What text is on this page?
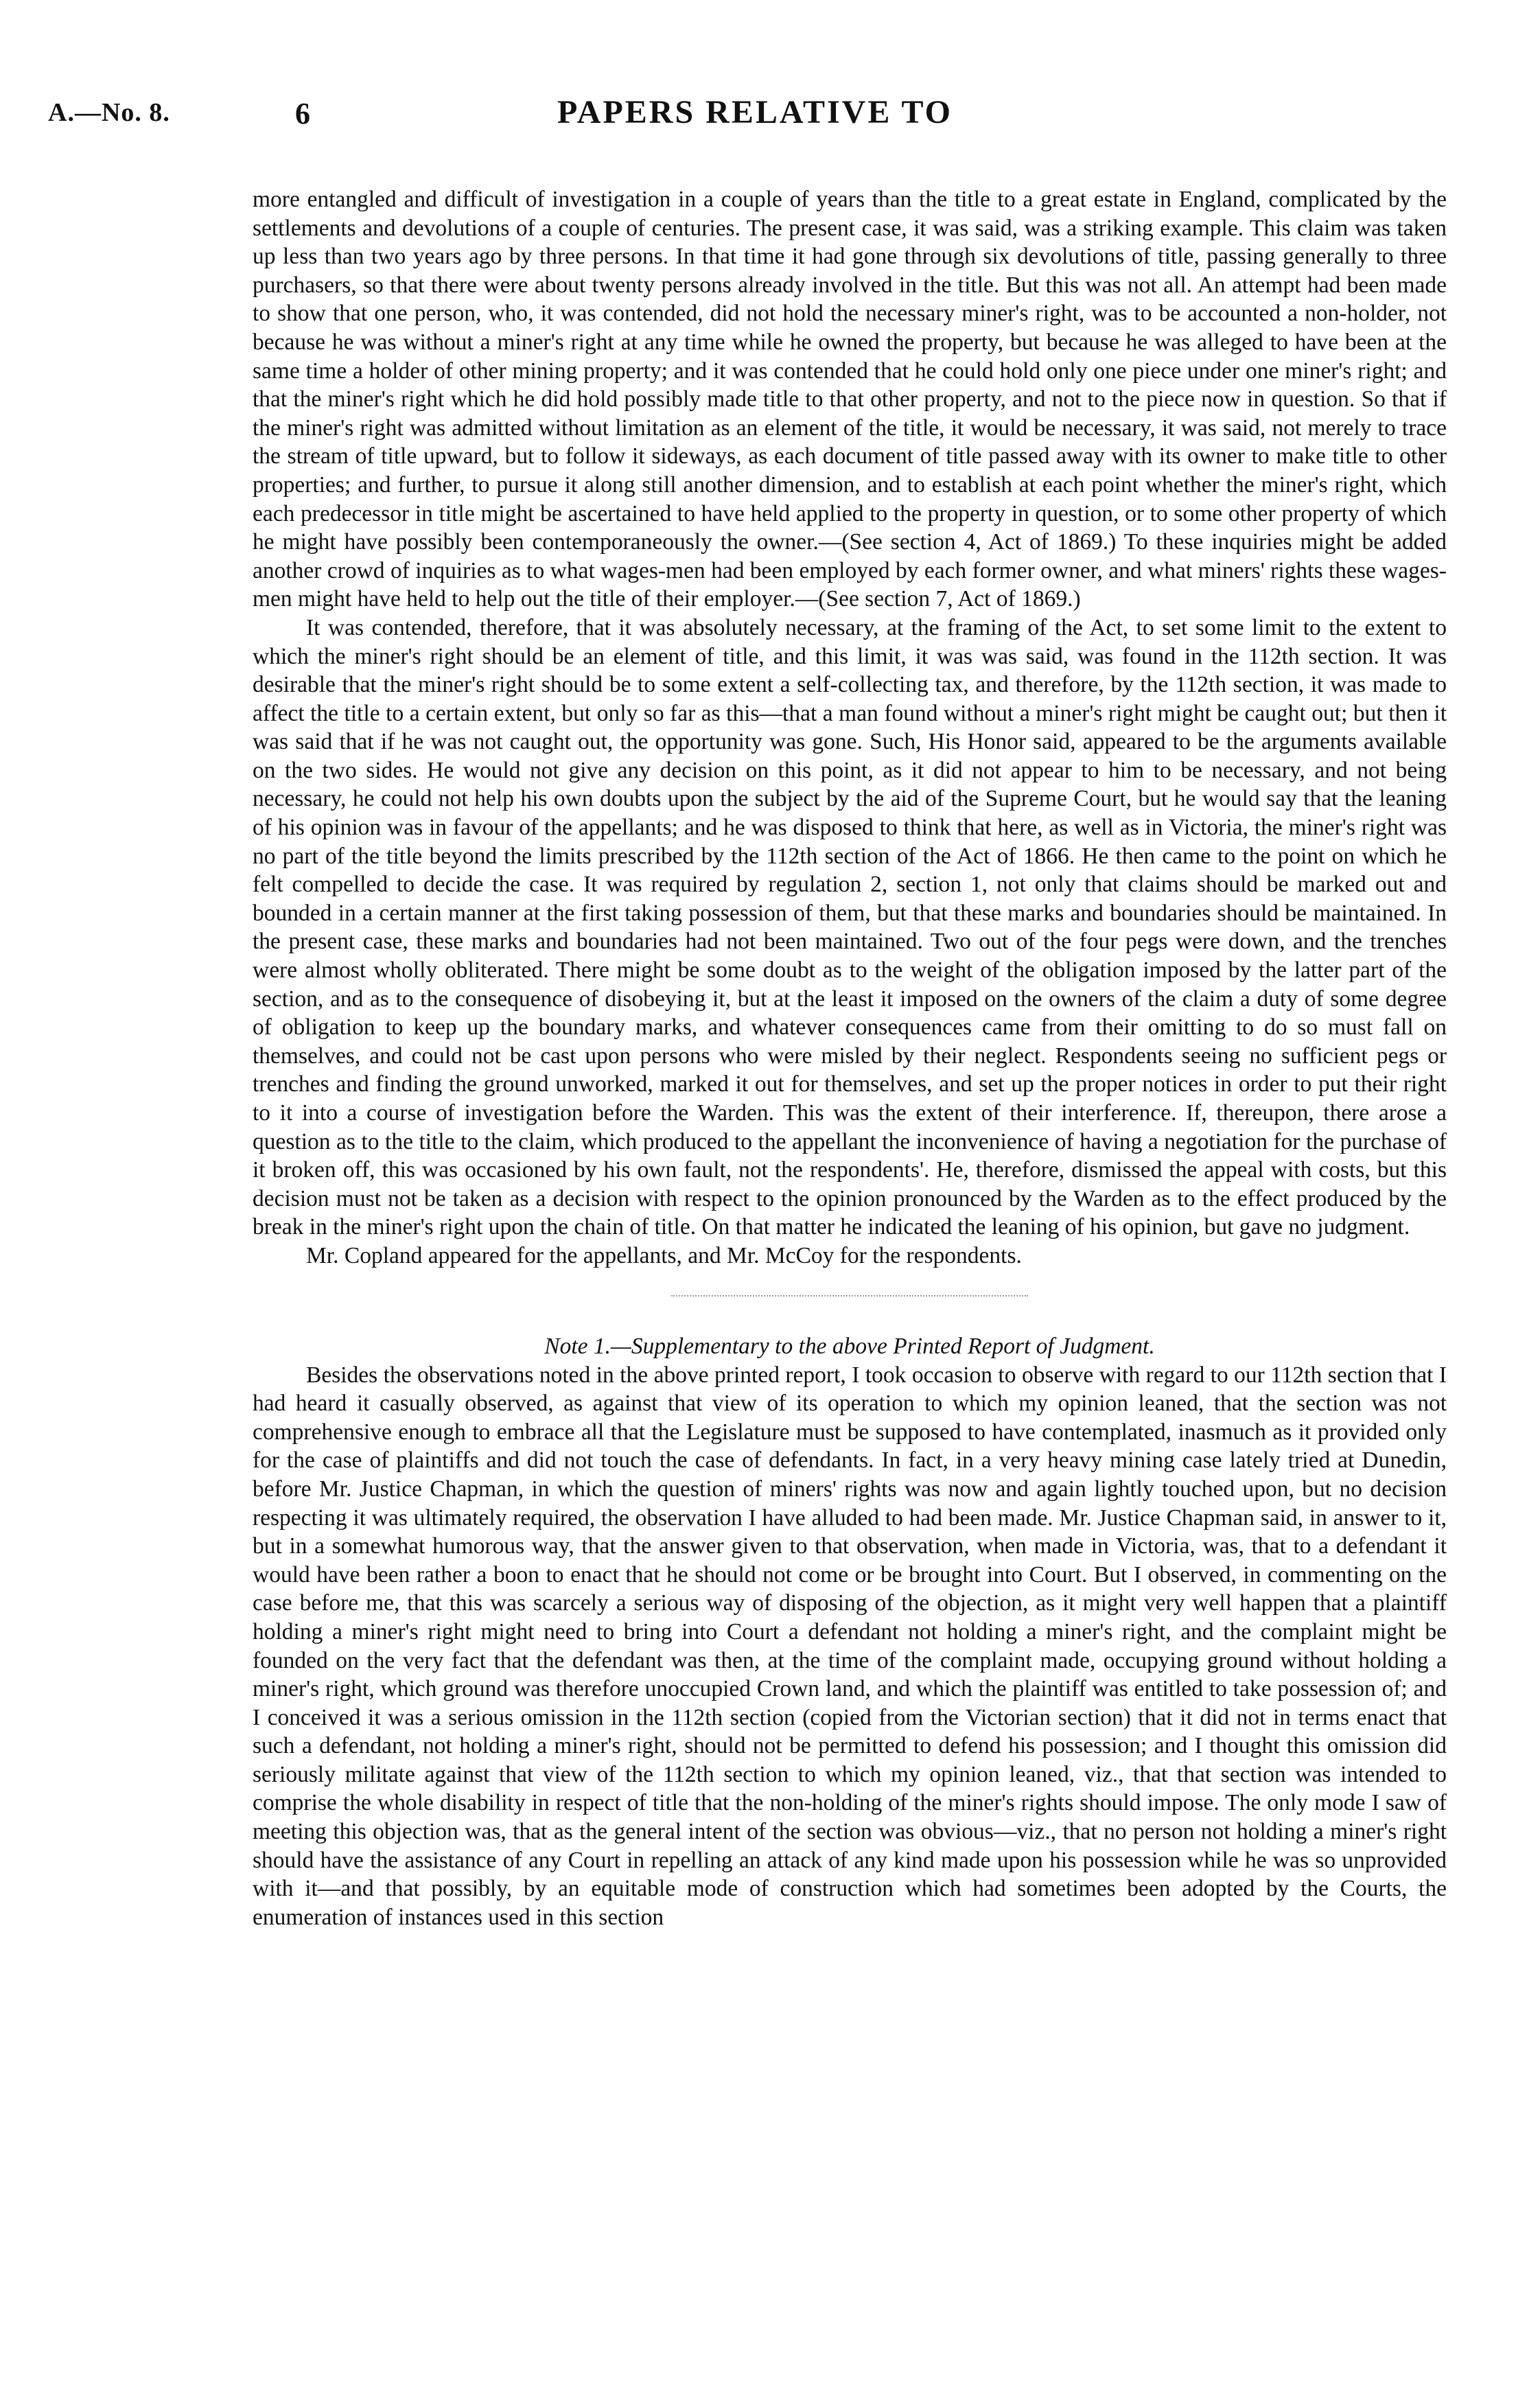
A.—No. 8.	6	PAPERS RELATIVE TO

more entangled and difficult of investigation in a couple of years than the title to a great estate in England, complicated by the settlements and devolutions of a couple of centuries. The present case, it was said, was a striking example. This claim was taken up less than two years ago by three persons. In that time it had gone through six devolutions of title, passing generally to three purchasers, so that there were about twenty persons already involved in the title. But this was not all. An attempt had been made to show that one person, who, it was contended, did not hold the necessary miner's right, was to be accounted a non-holder, not because he was without a miner's right at any time while he owned the property, but because he was alleged to have been at the same time a holder of other mining property; and it was contended that he could hold only one piece under one miner's right; and that the miner's right which he did hold possibly made title to that other property, and not to the piece now in question. So that if the miner's right was admitted without limitation as an element of the title, it would be necessary, it was said, not merely to trace the stream of title upward, but to follow it sideways, as each document of title passed away with its owner to make title to other properties; and further, to pursue it along still another dimension, and to establish at each point whether the miner's right, which each predecessor in title might be ascertained to have held applied to the property in question, or to some other property of which he might have possibly been contemporaneously the owner.—(See section 4, Act of 1869.) To these inquiries might be added another crowd of inquiries as to what wages-men had been employed by each former owner, and what miners' rights these wages-men might have held to help out the title of their employer.—(See section 7, Act of 1869.)

It was contended, therefore, that it was absolutely necessary, at the framing of the Act, to set some limit to the extent to which the miner's right should be an element of title, and this limit, it was was said, was found in the 112th section. It was desirable that the miner's right should be to some extent a self-collecting tax, and therefore, by the 112th section, it was made to affect the title to a certain extent, but only so far as this—that a man found without a miner's right might be caught out; but then it was said that if he was not caught out, the opportunity was gone. Such, His Honor said, appeared to be the arguments available on the two sides. He would not give any decision on this point, as it did not appear to him to be necessary, and not being necessary, he could not help his own doubts upon the subject by the aid of the Supreme Court, but he would say that the leaning of his opinion was in favour of the appellants; and he was disposed to think that here, as well as in Victoria, the miner's right was no part of the title beyond the limits prescribed by the 112th section of the Act of 1866. He then came to the point on which he felt compelled to decide the case. It was required by regulation 2, section 1, not only that claims should be marked out and bounded in a certain manner at the first taking possession of them, but that these marks and boundaries should be maintained. In the present case, these marks and boundaries had not been maintained. Two out of the four pegs were down, and the trenches were almost wholly obliterated. There might be some doubt as to the weight of the obligation imposed by the latter part of the section, and as to the consequence of disobeying it, but at the least it imposed on the owners of the claim a duty of some degree of obligation to keep up the boundary marks, and whatever consequences came from their omitting to do so must fall on themselves, and could not be cast upon persons who were misled by their neglect. Respondents seeing no sufficient pegs or trenches and finding the ground unworked, marked it out for themselves, and set up the proper notices in order to put their right to it into a course of investigation before the Warden. This was the extent of their interference. If, thereupon, there arose a question as to the title to the claim, which produced to the appellant the inconvenience of having a negotiation for the purchase of it broken off, this was occasioned by his own fault, not the respondents'. He, therefore, dismissed the appeal with costs, but this decision must not be taken as a decision with respect to the opinion pronounced by the Warden as to the effect produced by the break in the miner's right upon the chain of title. On that matter he indicated the leaning of his opinion, but gave no judgment.

Mr. Copland appeared for the appellants, and Mr. McCoy for the respondents.

Note 1.—Supplementary to the above Printed Report of Judgment.

Besides the observations noted in the above printed report, I took occasion to observe with regard to our 112th section that I had heard it casually observed, as against that view of its operation to which my opinion leaned, that the section was not comprehensive enough to embrace all that the Legislature must be supposed to have contemplated, inasmuch as it provided only for the case of plaintiffs and did not touch the case of defendants. In fact, in a very heavy mining case lately tried at Dunedin, before Mr. Justice Chapman, in which the question of miners' rights was now and again lightly touched upon, but no decision respecting it was ultimately required, the observation I have alluded to had been made. Mr. Justice Chapman said, in answer to it, but in a somewhat humorous way, that the answer given to that observation, when made in Victoria, was, that to a defendant it would have been rather a boon to enact that he should not come or be brought into Court. But I observed, in commenting on the case before me, that this was scarcely a serious way of disposing of the objection, as it might very well happen that a plaintiff holding a miner's right might need to bring into Court a defendant not holding a miner's right, and the complaint might be founded on the very fact that the defendant was then, at the time of the complaint made, occupying ground without holding a miner's right, which ground was therefore unoccupied Crown land, and which the plaintiff was entitled to take possession of; and I conceived it was a serious omission in the 112th section (copied from the Victorian section) that it did not in terms enact that such a defendant, not holding a miner's right, should not be permitted to defend his possession; and I thought this omission did seriously militate against that view of the 112th section to which my opinion leaned, viz., that that section was intended to comprise the whole disability in respect of title that the non-holding of the miner's rights should impose. The only mode I saw of meeting this objection was, that as the general intent of the section was obvious—viz., that no person not holding a miner's right should have the assistance of any Court in repelling an attack of any kind made upon his possession while he was so unprovided with it—and that possibly, by an equitable mode of construction which had sometimes been adopted by the Courts, the enumeration of instances used in this section
